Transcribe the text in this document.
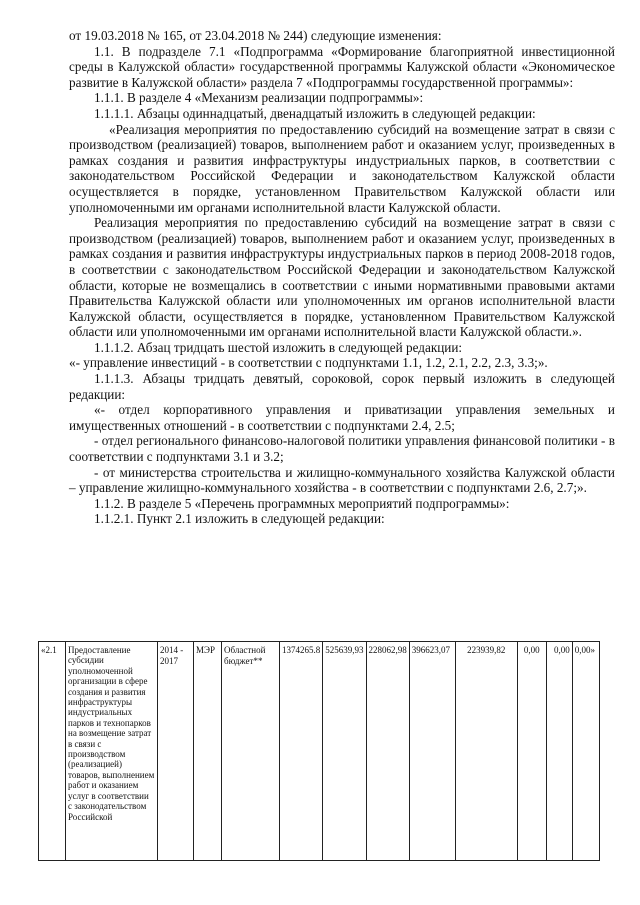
от 19.03.2018 № 165, от 23.04.2018 № 244) следующие изменения:

1.1. В подразделе 7.1 «Подпрограмма «Формирование благоприятной инвестиционной среды в Калужской области» государственной программы Калужской области «Экономическое развитие в Калужской области» раздела 7 «Подпрограммы государственной программы»:

1.1.1. В разделе 4 «Механизм реализации подпрограммы»:

1.1.1.1. Абзацы одиннадцатый, двенадцатый изложить в следующей редакции:

«Реализация мероприятия по предоставлению субсидий на возмещение затрат в связи с производством (реализацией) товаров, выполнением работ и оказанием услуг, произведенных в рамках создания и развития инфраструктуры индустриальных парков, в соответствии с законодательством Российской Федерации и законодательством Калужской области осуществляется в порядке, установленном Правительством Калужской области или уполномоченными им органами исполнительной власти Калужской области.

Реализация мероприятия по предоставлению субсидий на возмещение затрат в связи с производством (реализацией) товаров, выполнением работ и оказанием услуг, произведенных в рамках создания и развития инфраструктуры индустриальных парков в период 2008-2018 годов, в соответствии с законодательством Российской Федерации и законодательством Калужской области, которые не возмещались в соответствии с иными нормативными правовыми актами Правительства Калужской области или уполномоченных им органов исполнительной власти Калужской области, осуществляется в порядке, установленном Правительством Калужской области или уполномоченными им органами исполнительной власти Калужской области.».

1.1.1.2. Абзац тридцать шестой изложить в следующей редакции:

«- управление инвестиций - в соответствии с подпунктами 1.1, 1.2, 2.1, 2.2, 2.3, 3.3;».

1.1.1.3. Абзацы тридцать девятый, сороковой, сорок первый изложить в следующей редакции:

«- отдел корпоративного управления и приватизации управления земельных и имущественных отношений - в соответствии с подпунктами 2.4, 2.5;

- отдел регионального финансово-налоговой политики управления финансовой политики - в соответствии с подпунктами 3.1 и 3.2;

- от министерства строительства и жилищно-коммунального хозяйства Калужской области – управление жилищно-коммунального хозяйства - в соответствии с подпунктами 2.6, 2.7;».

1.1.2. В разделе 5 «Перечень программных мероприятий подпрограммы»:

1.1.2.1. Пункт 2.1 изложить в следующей редакции:

«2.1	Предоставление субсидии уполномоченной организации в сфере создания и развития инфраструктуры индустриальных парков и технопарков на возмещение затрат в связи с производством (реализацией) товаров, выполнением работ и оказанием услуг в соответствии с законодательством Российской	2014 - 2017	МЭР	Областной бюджет**	1374265.8	525639,93	228062,98	396623,07	223939,82	0,00	0,00	0,00»
